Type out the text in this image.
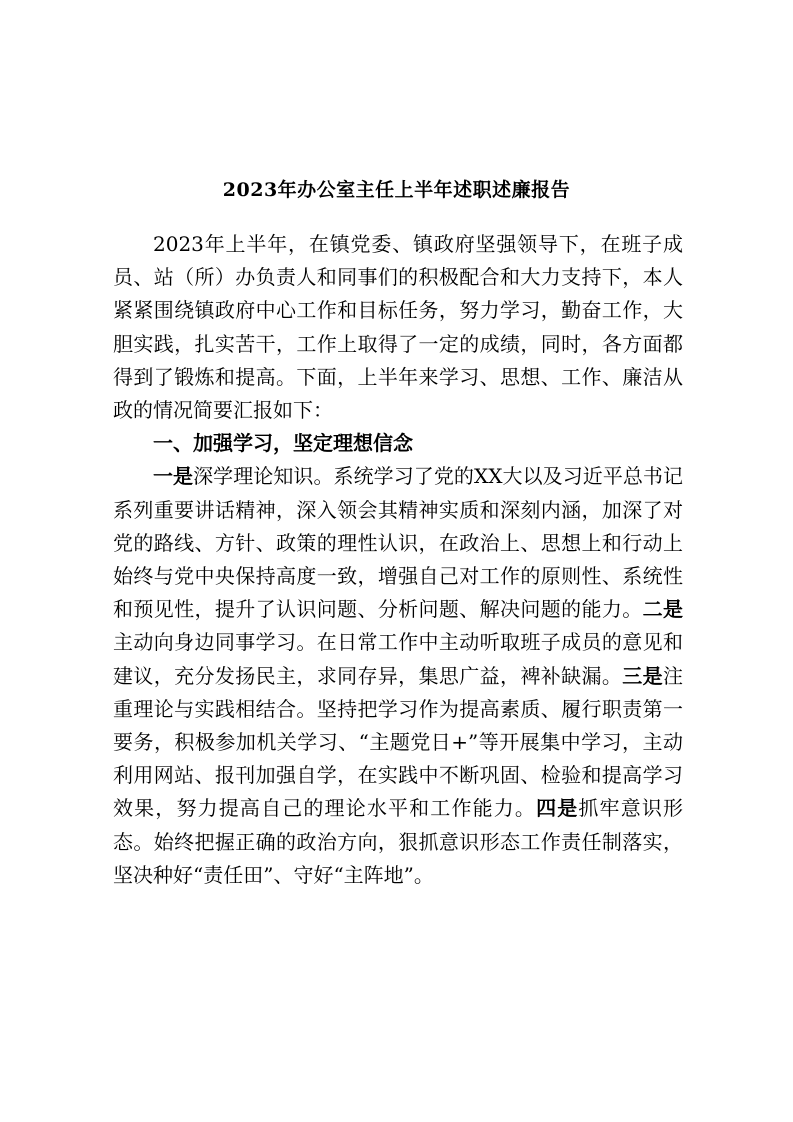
2023年办公室主任上半年述职述廉报告

2023年上半年，在镇党委、镇政府坚强领导下，在班子成员、站（所）办负责人和同事们的积极配合和大力支持下，本人紧紧围绕镇政府中心工作和目标任务，努力学习，勤奋工作，大胆实践，扎实苦干，工作上取得了一定的成绩，同时，各方面都得到了锻炼和提高。下面，上半年来学习、思想、工作、廉洁从政的情况简要汇报如下：

一、加强学习，坚定理想信念

一是深学理论知识。系统学习了党的XX大以及习近平总书记系列重要讲话精神，深入领会其精神实质和深刻内涵，加深了对党的路线、方针、政策的理性认识，在政治上、思想上和行动上始终与党中央保持高度一致，增强自己对工作的原则性、系统性和预见性，提升了认识问题、分析问题、解决问题的能力。二是主动向身边同事学习。在日常工作中主动听取班子成员的意见和建议，充分发扬民主，求同存异，集思广益，裨补缺漏。三是注重理论与实践相结合。坚持把学习作为提高素质、履行职责第一要务，积极参加机关学习、“主题党日+”等开展集中学习，主动利用网站、报刊加强自学，在实践中不断巩固、检验和提高学习效果，努力提高自己的理论水平和工作能力。四是抓牢意识形态。始终把握正确的政治方向，狠抓意识形态工作责任制落实，坚决种好“责任田”、守好“主阵地”。
